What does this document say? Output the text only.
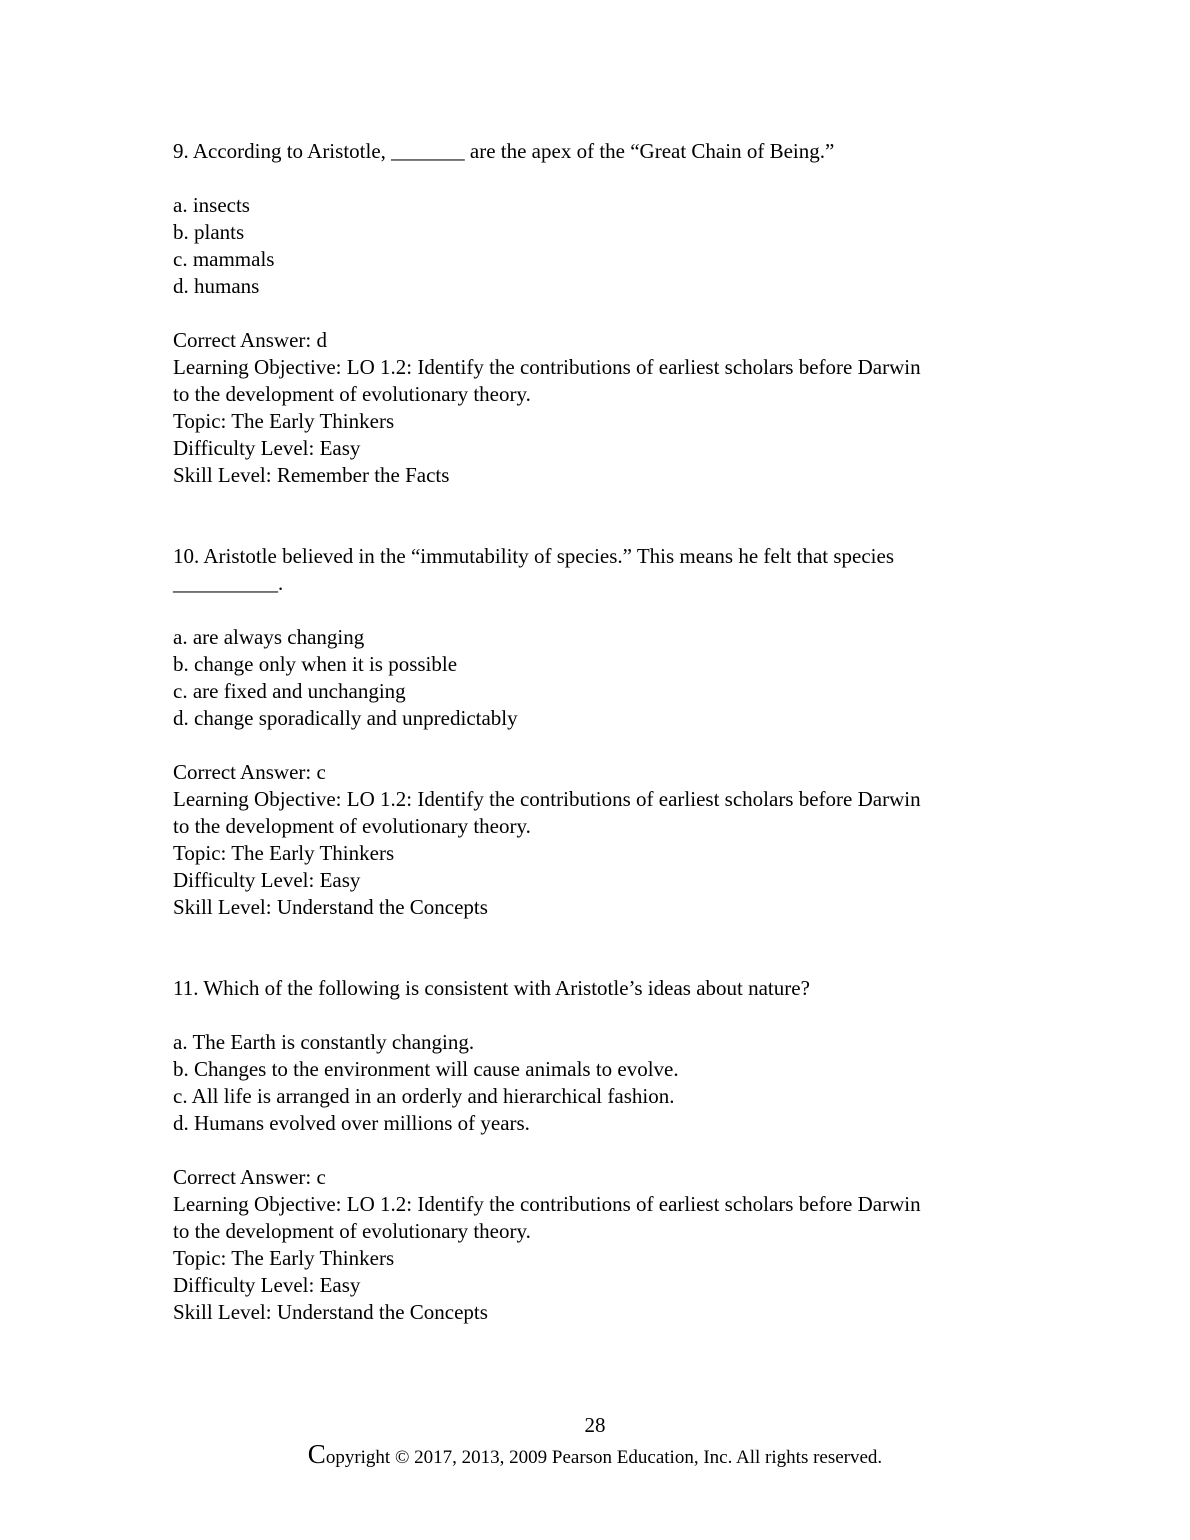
9. According to Aristotle, _______ are the apex of the “Great Chain of Being.”

a. insects
b. plants
c. mammals
d. humans

Correct Answer: d

Learning Objective: LO 1.2: Identify the contributions of earliest scholars before Darwin

to the development of evolutionary theory.

Topic: The Early Thinkers

Difficulty Level: Easy

Skill Level: Remember the Facts

10. Aristotle believed in the “immutability of species.” This means he felt that species

__________.

a. are always changing
b. change only when it is possible
c. are fixed and unchanging
d. change sporadically and unpredictably

Correct Answer: c

Learning Objective: LO 1.2: Identify the contributions of earliest scholars before Darwin

to the development of evolutionary theory.

Topic: The Early Thinkers

Difficulty Level: Easy

Skill Level: Understand the Concepts

11. Which of the following is consistent with Aristotle’s ideas about nature?

a. The Earth is constantly changing.
b. Changes to the environment will cause animals to evolve.
c. All life is arranged in an orderly and hierarchical fashion.
d. Humans evolved over millions of years.

Correct Answer: c

Learning Objective: LO 1.2: Identify the contributions of earliest scholars before Darwin

to the development of evolutionary theory.

Topic: The Early Thinkers

Difficulty Level: Easy

Skill Level: Understand the Concepts

28
Copyright © 2017, 2013, 2009 Pearson Education, Inc. All rights reserved.
